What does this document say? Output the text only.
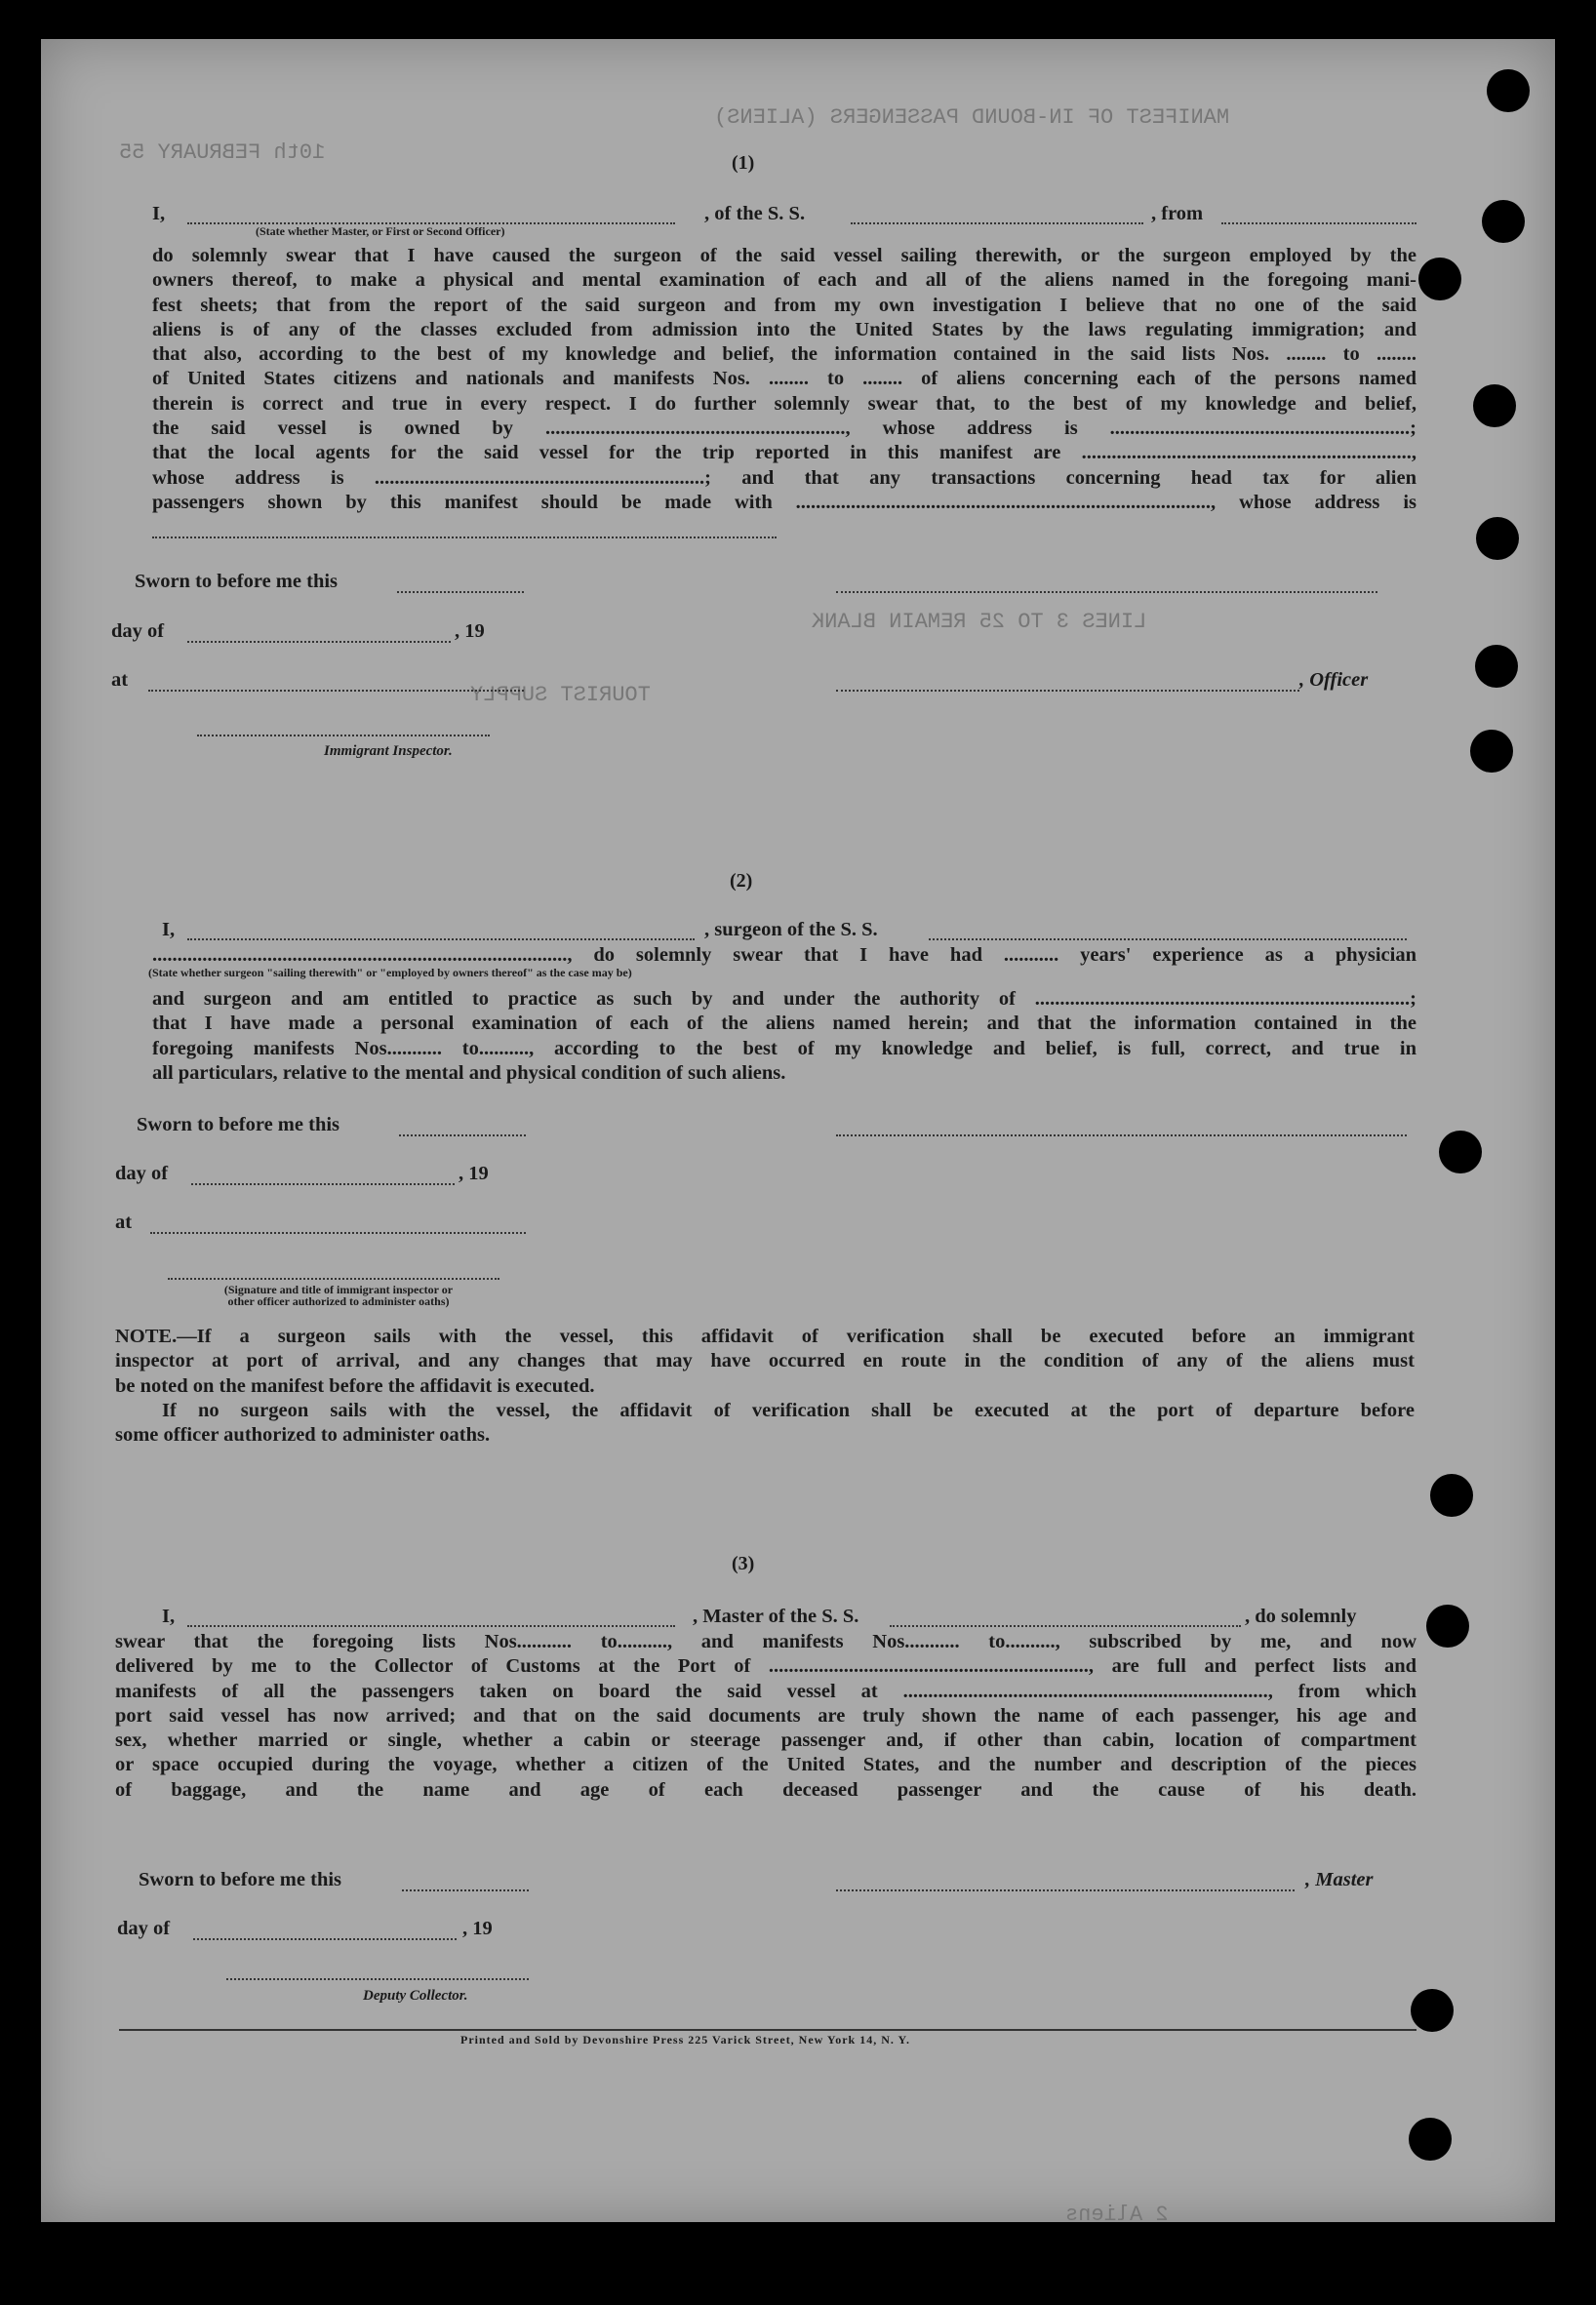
MANIFEST OF IN-BOUND PASSENGERS (ALIENS)
10th FEBRUARY 55
LINES 3 TO 25 REMAIN BLANK
TOURIST SUPPLY
2 Aliens
(1)
I,	, of the S. S.	, from
(State whether Master, or First or Second Officer)

do solemnly swear that I have caused the surgeon of the said vessel sailing therewith, or the surgeon employed by the

owners thereof, to make a physical and mental examination of each and all of the aliens named in the foregoing mani-

fest sheets; that from the report of the said surgeon and from my own investigation I believe that no one of the said

aliens is of any of the classes excluded from admission into the United States by the laws regulating immigration; and

that also, according to the best of my knowledge and belief, the information contained in the said lists Nos. ........ to ........

of United States citizens and nationals and manifests Nos. ........ to ........ of aliens concerning each of the persons named

therein is correct and true in every respect. I do further solemnly swear that, to the best of my knowledge and belief,

the said vessel is owned by ............................................................, whose address is ............................................................;

that the local agents for the said vessel for the trip reported in this manifest are ..................................................................,

whose address is ..................................................................; and that any transactions concerning head tax for alien

passengers shown by this manifest should be made with ..................................................................................., whose address is

Sworn to before me this
day of	, 19
at	, Officer
Immigrant Inspector.
(2)
I,	, surgeon of the S. S.

..................................................................................., do solemnly swear that I have had ........... years' experience as a physician

(State whether surgeon "sailing therewith" or "employed by owners thereof" as the case may be)

and surgeon and am entitled to practice as such by and under the authority of ...........................................................................;

that I have made a personal examination of each of the aliens named herein; and that the information contained in the

foregoing manifests Nos........... to.........., according to the best of my knowledge and belief, is full, correct, and true in

all particulars, relative to the mental and physical condition of such aliens.

Sworn to before me this
day of	, 19
at
(Signature and title of immigrant inspector or
other officer authorized to administer oaths)

NOTE.—If a surgeon sails with the vessel, this affidavit of verification shall be executed before an immigrant

inspector at port of arrival, and any changes that may have occurred en route in the condition of any of the aliens must

be noted on the manifest before the affidavit is executed.

If no surgeon sails with the vessel, the affidavit of verification shall be executed at the port of departure before

some officer authorized to administer oaths.

(3)
I,	, Master of the S. S.	, do solemnly

swear that the foregoing lists Nos........... to.........., and manifests Nos........... to.........., subscribed by me, and now

delivered by me to the Collector of Customs at the Port of ................................................................, are full and perfect lists and

manifests of all the passengers taken on board the said vessel at ........................................................................., from which

port said vessel has now arrived; and that on the said documents are truly shown the name of each passenger, his age and

sex, whether married or single, whether a cabin or steerage passenger and, if other than cabin, location of compartment

or space occupied during the voyage, whether a citizen of the United States, and the number and description of the pieces

of baggage, and the name and age of each deceased passenger and the cause of his death.

Sworn to before me this	, Master
day of	, 19
Deputy Collector.
Printed and Sold by Devonshire Press 225 Varick Street, New York 14, N. Y.
